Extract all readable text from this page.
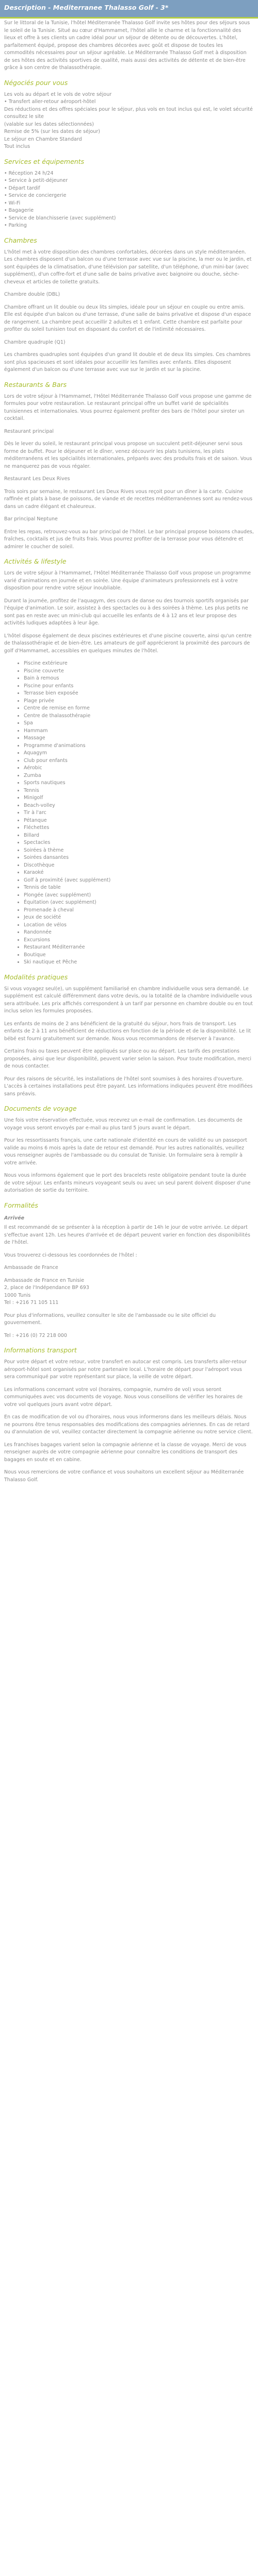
Description - Mediterranee Thalasso Golf - 3*

Sur le littoral de la Tunisie, l'hôtel Méditerranée Thalasso Golf invite ses hôtes pour des séjours sous le soleil de la Tunisie. Situé au cœur d'Hammamet, l'hôtel allie le charme et la fonctionnalité des lieux et offre à ses clients un cadre idéal pour un séjour de détente ou de découvertes. L'hôtel, parfaitement équipé, propose des chambres décorées avec goût et dispose de toutes les commodités nécessaires pour un séjour agréable. Le Méditerranée Thalasso Golf met à disposition de ses hôtes des activités sportives de qualité, mais aussi des activités de détente et de bien-être grâce à son centre de thalassothérapie.

Négociés pour vous

Les vols au départ et le vols de votre séjour
• Transfert aller-retour aéroport-hôtel
Des réductions et des offres spéciales pour le séjour, plus vols en tout inclus qui est, le volet sécurité consultez le site
(valable sur les dates sélectionnées)
Remise de 5% (sur les dates de séjour)
Le séjour en Chambre Standard
Tout inclus

Services et équipements
• Réception 24 h/24
• Service à petit-déjeuner
• Départ tardif
• Service de conciergerie
• Wi-Fi
• Bagagerie
• Service de blanchisserie (avec supplément)
• Parking
Chambres

L'hôtel met à votre disposition des chambres confortables, décorées dans un style méditerranéen. Les chambres disposent d'un balcon ou d'une terrasse avec vue sur la piscine, la mer ou le jardin, et sont équipées de la climatisation, d'une télévision par satellite, d'un téléphone, d'un mini-bar (avec supplément), d'un coffre-fort et d'une salle de bains privative avec baignoire ou douche, sèche-cheveux et articles de toilette gratuits.

Chambre double (DBL)

Chambre offrant un lit double ou deux lits simples, idéale pour un séjour en couple ou entre amis. Elle est équipée d'un balcon ou d'une terrasse, d'une salle de bains privative et dispose d'un espace de rangement. La chambre peut accueillir 2 adultes et 1 enfant. Cette chambre est parfaite pour profiter du soleil tunisien tout en disposant du confort et de l'intimité nécessaires.

Chambre quadruple (Q1)

Les chambres quadruples sont équipées d'un grand lit double et de deux lits simples. Ces chambres sont plus spacieuses et sont idéales pour accueillir les familles avec enfants. Elles disposent également d'un balcon ou d'une terrasse avec vue sur le jardin et sur la piscine.

Restaurants & Bars

Lors de votre séjour à l'Hammamet, l'Hôtel Méditerranée Thalasso Golf vous propose une gamme de formules pour votre restauration. Le restaurant principal offre un buffet varié de spécialités tunisiennes et internationales. Vous pourrez également profiter des bars de l'hôtel pour siroter un cocktail.

Restaurant principal

Dès le lever du soleil, le restaurant principal vous propose un succulent petit-déjeuner servi sous forme de buffet. Pour le déjeuner et le dîner, venez découvrir les plats tunisiens, les plats méditerranéens et les spécialités internationales, préparés avec des produits frais et de saison. Vous ne manquerez pas de vous régaler.

Restaurant Les Deux Rives

Trois soirs par semaine, le restaurant Les Deux Rives vous reçoit pour un dîner à la carte. Cuisine raffinée et plats à base de poissons, de viande et de recettes méditerranéennes sont au rendez-vous dans un cadre élégant et chaleureux.

Bar principal Neptune

Entre les repas, retrouvez-vous au bar principal de l'hôtel. Le bar principal propose boissons chaudes, fraîches, cocktails et jus de fruits frais. Vous pourrez profiter de la terrasse pour vous détendre et admirer le coucher de soleil.

Activités & lifestyle

Lors de votre séjour à l'Hammamet, l'Hôtel Méditerranée Thalasso Golf vous propose un programme varié d'animations en journée et en soirée. Une équipe d'animateurs professionnels est à votre disposition pour rendre votre séjour inoubliable.

Durant la journée, profitez de l'aquagym, des cours de danse ou des tournois sportifs organisés par l'équipe d'animation. Le soir, assistez à des spectacles ou à des soirées à thème. Les plus petits ne sont pas en reste avec un mini-club qui accueille les enfants de 4 à 12 ans et leur propose des activités ludiques adaptées à leur âge.

L'hôtel dispose également de deux piscines extérieures et d'une piscine couverte, ainsi qu'un centre de thalassothérapie et de bien-être. Les amateurs de golf apprécieront la proximité des parcours de golf d'Hammamet, accessibles en quelques minutes de l'hôtel.

• Piscine extérieure
• Piscine couverte
• Bain à remous
• Piscine pour enfants
• Terrasse bien exposée
• Plage privée
• Centre de remise en forme
• Centre de thalassothérapie
• Spa
• Hammam
• Massage
• Programme d'animations
• Aquagym
• Club pour enfants
• Aérobic
• Zumba
• Sports nautiques
• Tennis
• Minigolf
• Beach-volley
• Tir à l'arc
• Pétanque
• Fléchettes
• Billard
• Spectacles
• Soirées à thème
• Soirées dansantes
• Discothèque
• Karaoké
• Golf à proximité (avec supplément)
• Tennis de table
• Plongée (avec supplément)
• Équitation (avec supplément)
• Promenade à cheval
• Jeux de société
• Location de vélos
• Randonnée
• Excursions
• Restaurant Méditerranée
• Boutique
• Ski nautique et Pêche
Modalités pratiques

Si vous voyagez seul(e), un supplément familiarisé en chambre individuelle vous sera demandé. Le supplément est calculé différemment dans votre devis, ou la totalité de la chambre individuelle vous sera attribuée. Les prix affichés correspondent à un tarif par personne en chambre double ou en tout inclus selon les formules proposées.

Les enfants de moins de 2 ans bénéficient de la gratuité du séjour, hors frais de transport. Les enfants de 2 à 11 ans bénéficient de réductions en fonction de la période et de la disponibilité. Le lit bébé est fourni gratuitement sur demande. Nous vous recommandons de réserver à l'avance.

Certains frais ou taxes peuvent être appliqués sur place ou au départ. Les tarifs des prestations proposées, ainsi que leur disponibilité, peuvent varier selon la saison. Pour toute modification, merci de nous contacter.

Pour des raisons de sécurité, les installations de l'hôtel sont soumises à des horaires d'ouverture. L'accès à certaines installations peut être payant. Les informations indiquées peuvent être modifiées sans préavis.

Documents de voyage

Une fois votre réservation effectuée, vous recevrez un e-mail de confirmation. Les documents de voyage vous seront envoyés par e-mail au plus tard 5 jours avant le départ.

Pour les ressortissants français, une carte nationale d'identité en cours de validité ou un passeport valide au moins 6 mois après la date de retour est demandé. Pour les autres nationalités, veuillez vous renseigner auprès de l'ambassade ou du consulat de Tunisie. Un formulaire sera à remplir à votre arrivée.

Nous vous informons également que le port des bracelets reste obligatoire pendant toute la durée de votre séjour. Les enfants mineurs voyageant seuls ou avec un seul parent doivent disposer d'une autorisation de sortie du territoire.

Formalités
Arrivée

Il est recommandé de se présenter à la réception à partir de 14h le jour de votre arrivée. Le départ s'effectue avant 12h. Les heures d'arrivée et de départ peuvent varier en fonction des disponibilités de l'hôtel.

Vous trouverez ci-dessous les coordonnées de l'hôtel :

Ambassade de France

Ambassade de France en Tunisie
2, place de l'Indépendance BP 693
1000 Tunis
Tel : +216 71 105 111

Pour plus d'informations, veuillez consulter le site de l'ambassade ou le site officiel du gouvernement.

Tel : +216 (0) 72 218 000

Informations transport

Pour votre départ et votre retour, votre transfert en autocar est compris. Les transferts aller-retour aéroport-hôtel sont organisés par notre partenaire local. L'horaire de départ pour l'aéroport vous sera communiqué par votre représentant sur place, la veille de votre départ.

Les informations concernant votre vol (horaires, compagnie, numéro de vol) vous seront communiquées avec vos documents de voyage. Nous vous conseillons de vérifier les horaires de votre vol quelques jours avant votre départ.

En cas de modification de vol ou d'horaires, nous vous informerons dans les meilleurs délais. Nous ne pourrons être tenus responsables des modifications des compagnies aériennes. En cas de retard ou d'annulation de vol, veuillez contacter directement la compagnie aérienne ou notre service client.

Les franchises bagages varient selon la compagnie aérienne et la classe de voyage. Merci de vous renseigner auprès de votre compagnie aérienne pour connaître les conditions de transport des bagages en soute et en cabine.

Nous vous remercions de votre confiance et vous souhaitons un excellent séjour au Méditerranée Thalasso Golf.
